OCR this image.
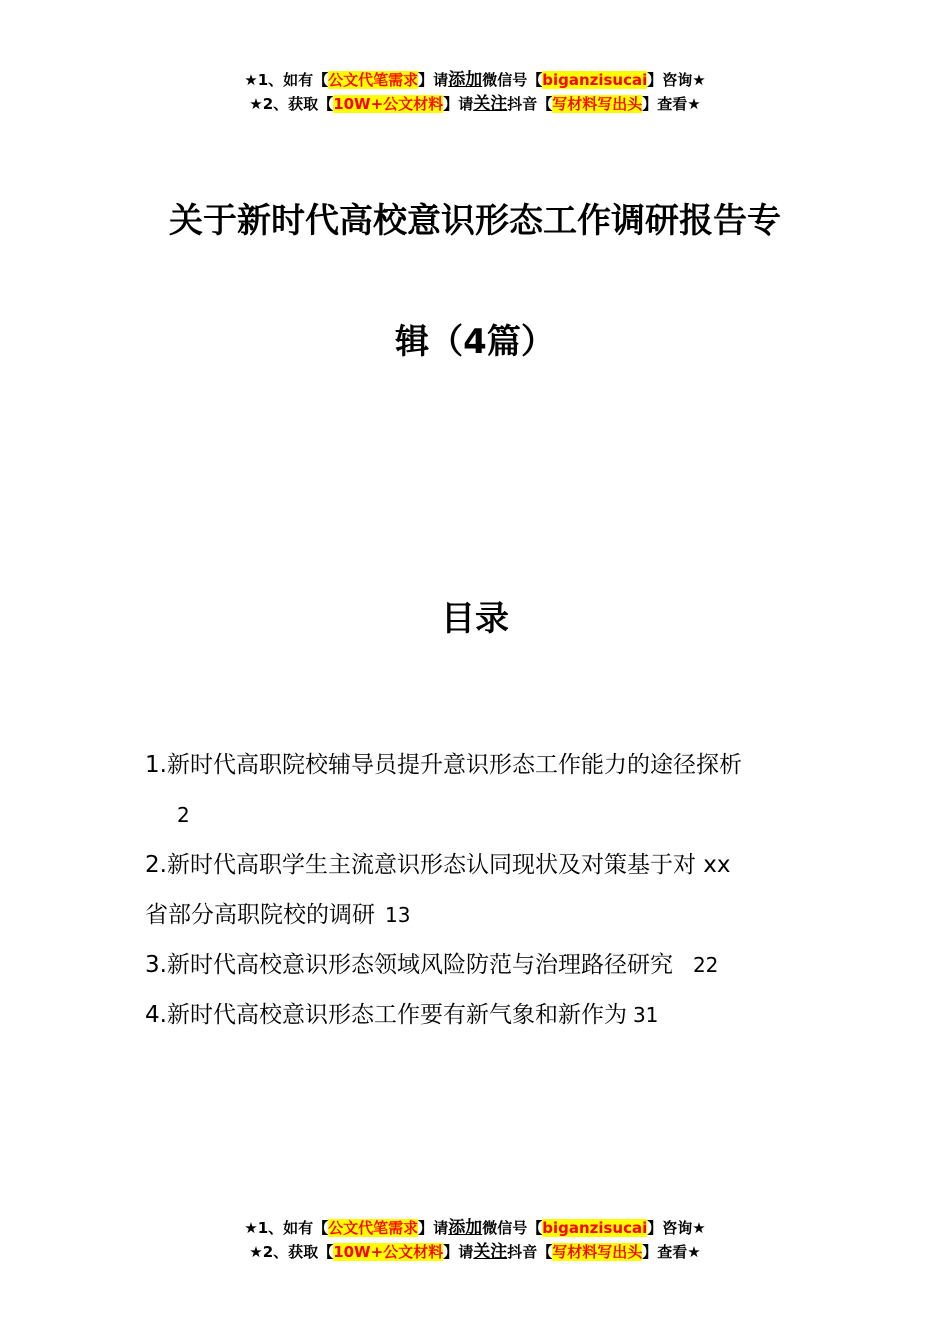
★1、如有【公文代笔需求】请添加微信号【biganzisucai】咨询★
★2、获取【10W+公文材料】请关注抖音【写材料写出头】查看★
关于新时代高校意识形态工作调研报告专
辑（4篇）
目录
1.新时代高职院校辅导员提升意识形态工作能力的途径探析
2
2.新时代高职学生主流意识形态认同现状及对策基于对 xx
省部分高职院校的调研 13
3.新时代高校意识形态领域风险防范与治理路径研究 22
4.新时代高校意识形态工作要有新气象和新作为 31
★1、如有【公文代笔需求】请添加微信号【biganzisucai】咨询★
★2、获取【10W+公文材料】请关注抖音【写材料写出头】查看★
